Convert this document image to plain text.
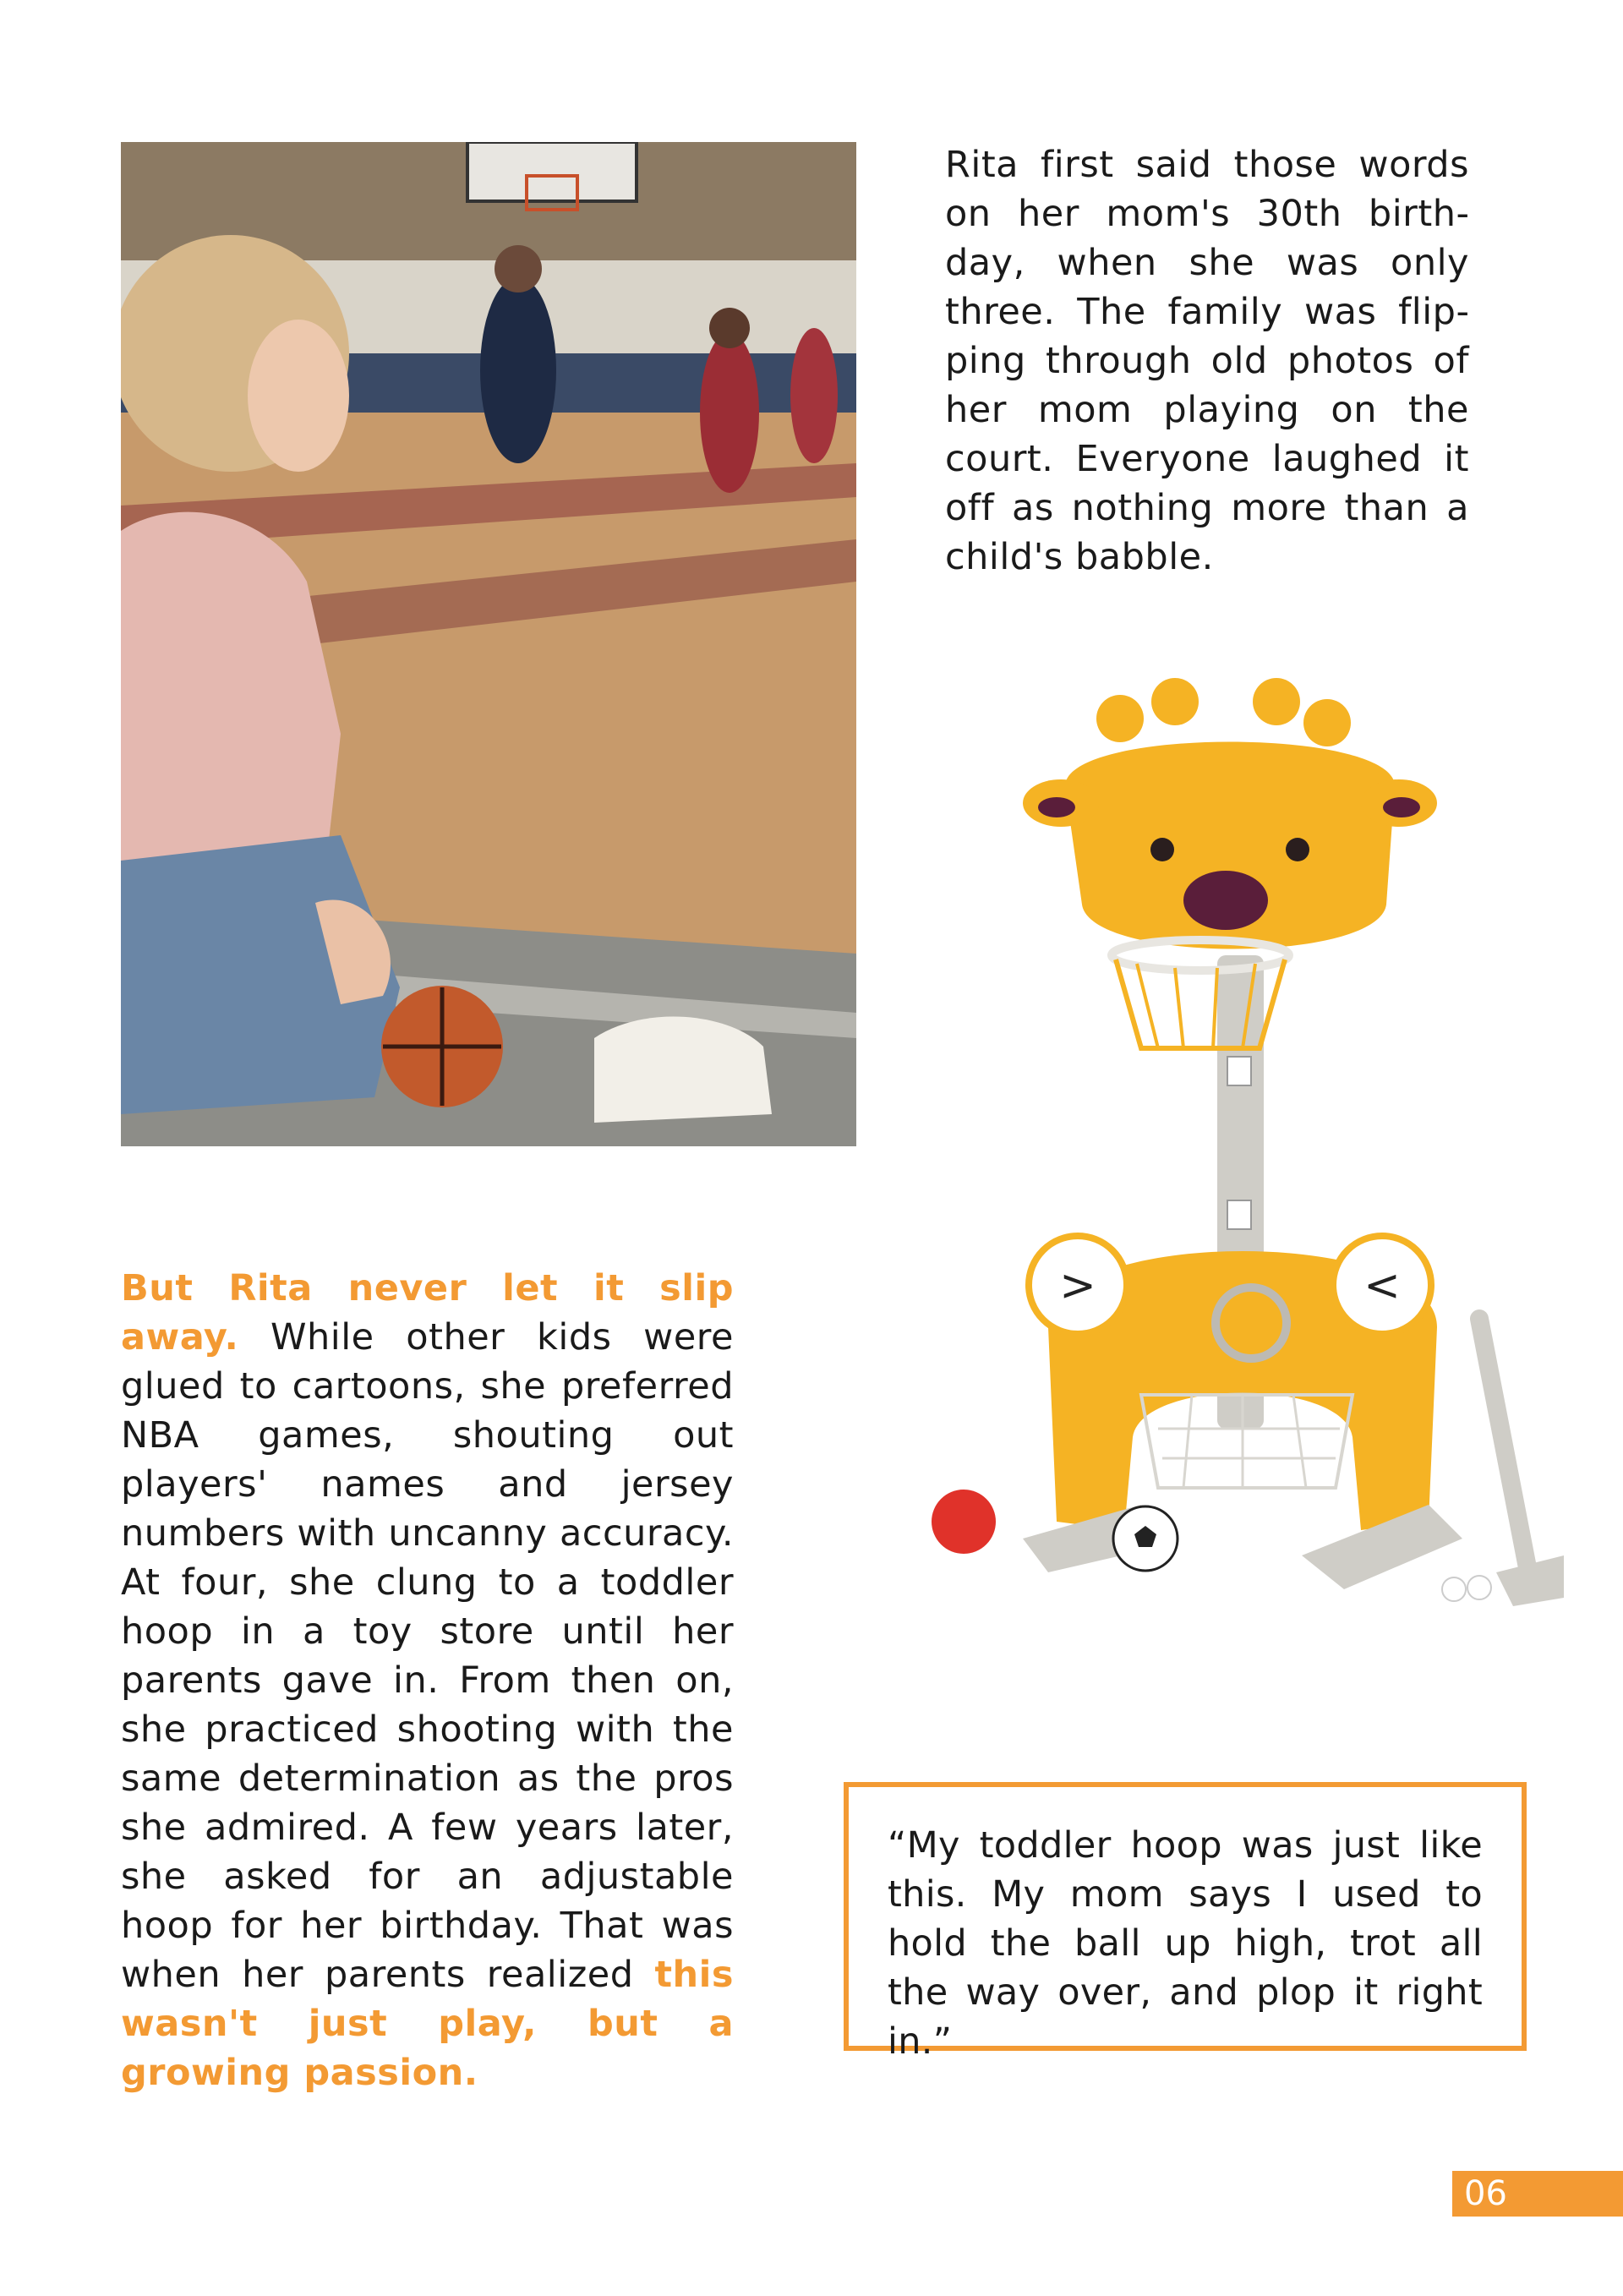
Rita first said those words on her mom's 30th birthday, when she was only three. The family was flipping through old photos of her mom playing on the court. Everyone laughed it off as nothing more than a child's babble.
But Rita never let it slip away. While other kids were glued to cartoons, she preferred NBA games, shouting out players' names and jersey numbers with uncanny accuracy. At four, she clung to a toddler hoop in a toy store until her parents gave in. From then on, she practiced shooting with the same determination as the pros she admired. A few years later, she asked for an adjustable hoop for her birthday. That was when her parents realized this wasn't just play, but a growing passion.
>	<

“My toddler hoop was just like this. My mom says I used to hold the ball up high, trot all the way over, and plop it right in.”

06
